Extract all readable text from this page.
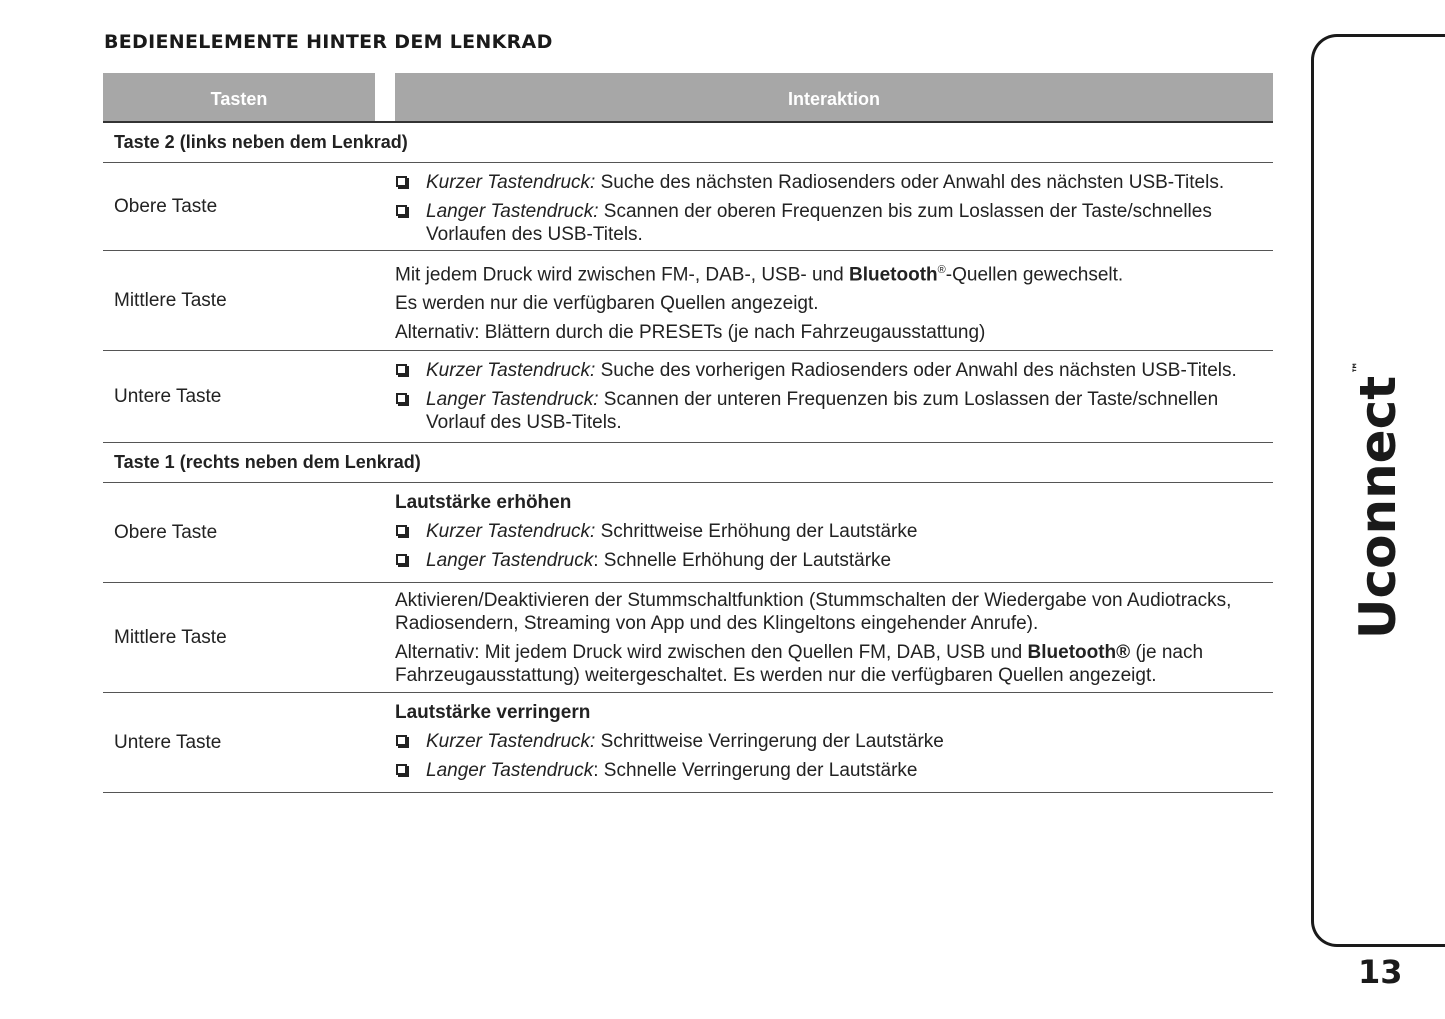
BEDIENELEMENTE HINTER DEM LENKRAD
Tasten	Interaktion
Taste 2 (links neben dem Lenkrad)
Obere Taste
Kurzer Tastendruck: Suche des nächsten Radiosenders oder Anwahl des nächsten USB-Titels.
Langer Tastendruck: Scannen der oberen Frequenzen bis zum Loslassen der Taste/schnelles Vorlaufen des USB-Titels.
Mittlere Taste
Mit jedem Druck wird zwischen FM-, DAB-, USB- und Bluetooth®-Quellen gewechselt.
Es werden nur die verfügbaren Quellen angezeigt.
Alternativ: Blättern durch die PRESETs (je nach Fahrzeugausstattung)
Untere Taste
Kurzer Tastendruck: Suche des vorherigen Radiosenders oder Anwahl des nächsten USB-Titels.
Langer Tastendruck: Scannen der unteren Frequenzen bis zum Loslassen der Taste/schnellen Vorlauf des USB-Titels.
Taste 1 (rechts neben dem Lenkrad)
Obere Taste
Lautstärke erhöhen
Kurzer Tastendruck: Schrittweise Erhöhung der Lautstärke
Langer Tastendruck: Schnelle Erhöhung der Lautstärke
Mittlere Taste
Aktivieren/Deaktivieren der Stummschaltfunktion (Stummschalten der Wiedergabe von Audiotracks, Radiosendern, Streaming von App und des Klingeltons eingehender Anrufe).
Alternativ: Mit jedem Druck wird zwischen den Quellen FM, DAB, USB und Bluetooth® (je nach Fahrzeugausstattung) weitergeschaltet. Es werden nur die verfügbaren Quellen angezeigt.
Untere Taste
Lautstärke verringern
Kurzer Tastendruck: Schrittweise Verringerung der Lautstärke
Langer Tastendruck: Schnelle Verringerung der Lautstärke
Uconnect™
13
